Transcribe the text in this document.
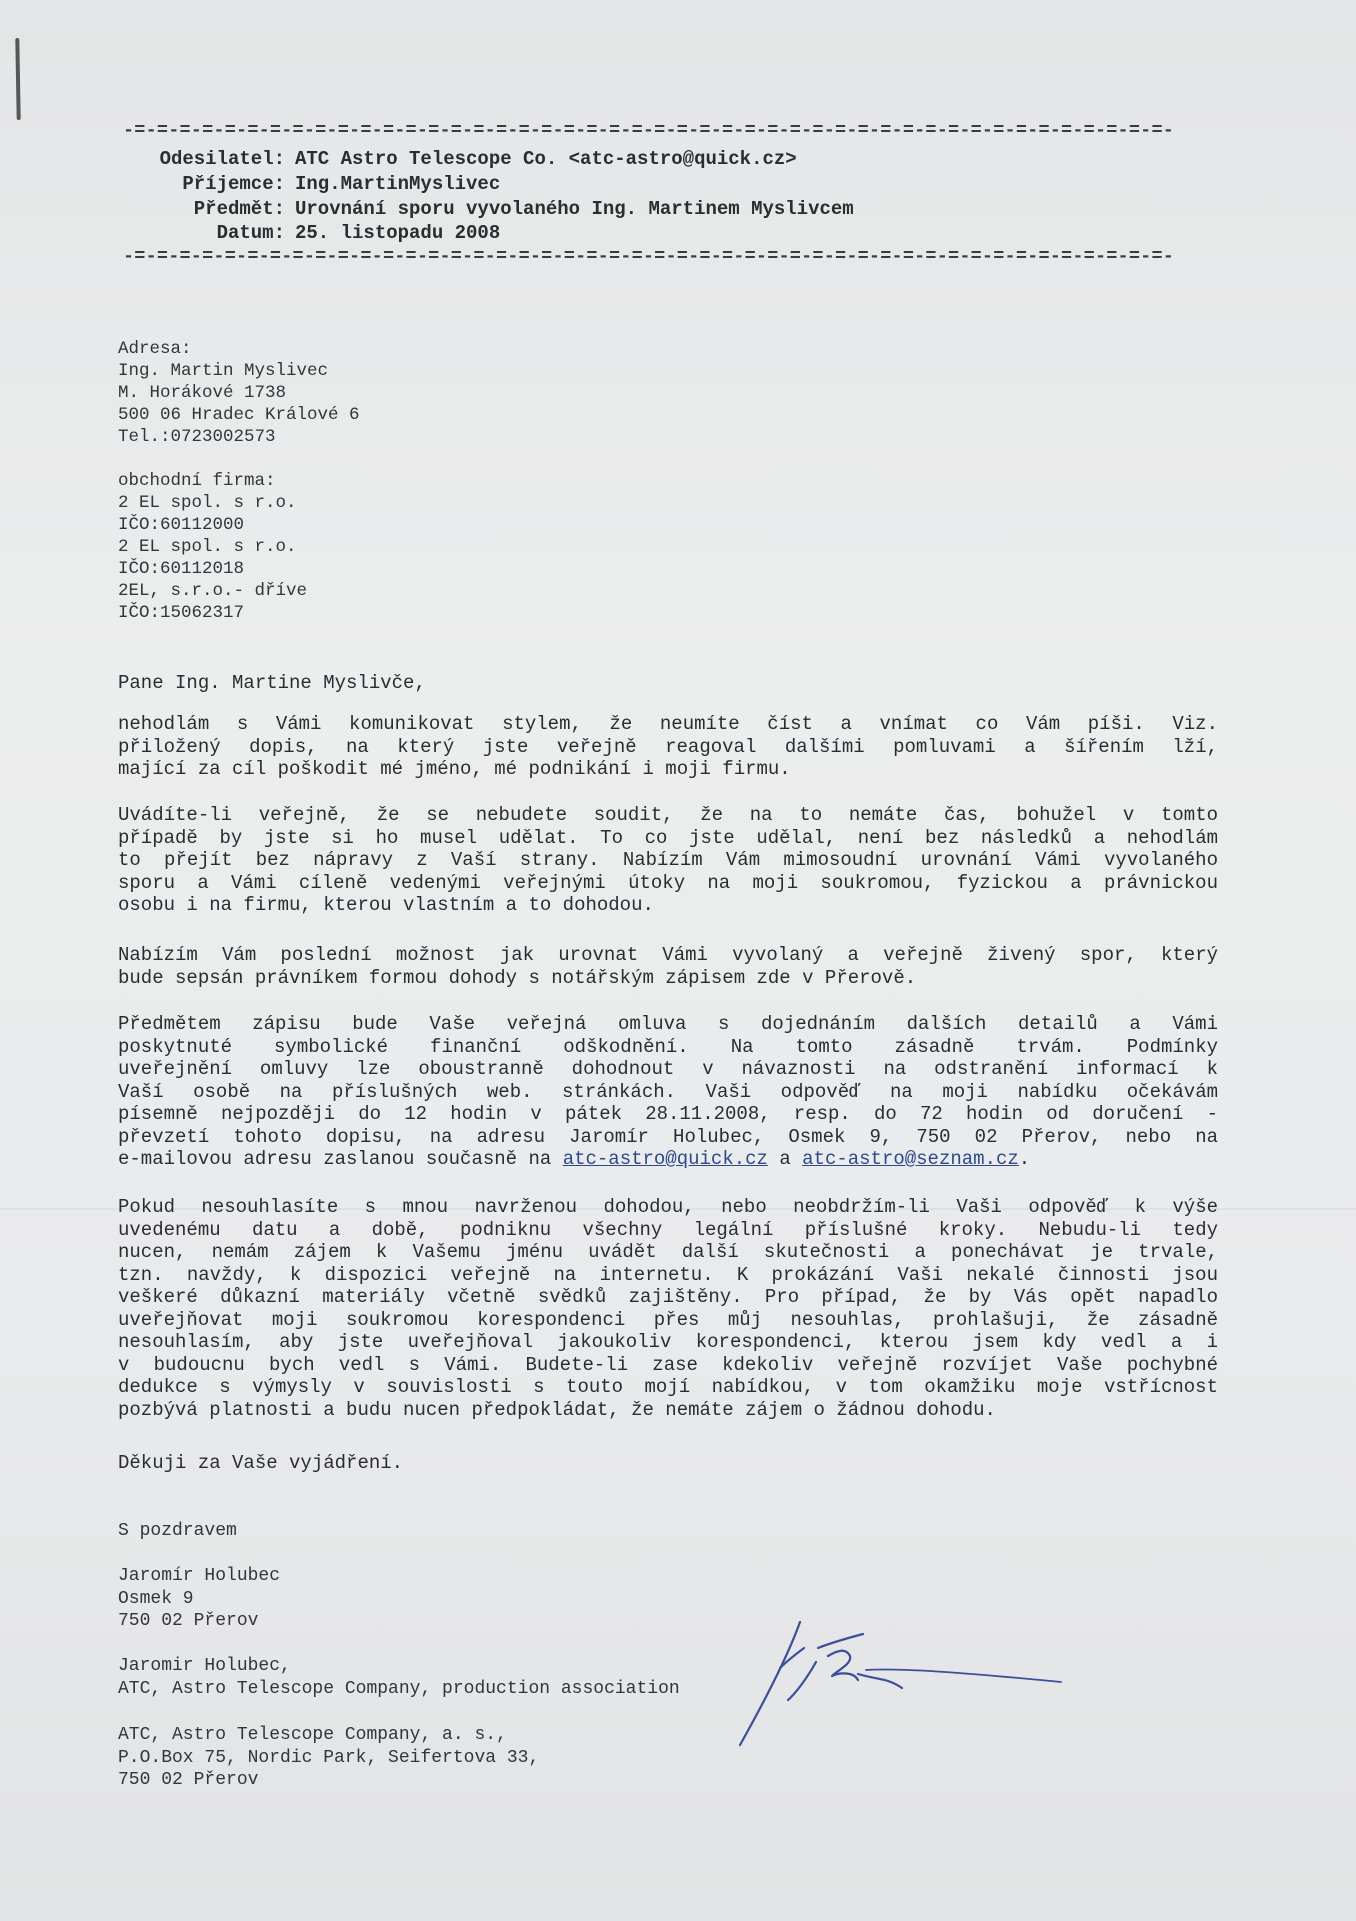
-=-=-=-=-=-=-=-=-=-=-=-=-=-=-=-=-=-=-=-=-=-=-=-=-=-=-=-=-=-=-=-=-=-=-=-=-=-=-=-=-=-=-=-=-=-=-
Odesilatel: ATC Astro Telescope Co. <atc-astro@quick.cz>
Příjemce: Ing.MartinMyslivec
Předmět: Urovnání sporu vyvolaného Ing. Martinem Myslivcem
Datum: 25. listopadu 2008
-=-=-=-=-=-=-=-=-=-=-=-=-=-=-=-=-=-=-=-=-=-=-=-=-=-=-=-=-=-=-=-=-=-=-=-=-=-=-=-=-=-=-=-=-=-=-
Adresa:
Ing. Martin Myslivec
M. Horákové 1738
500 06 Hradec Králové 6
Tel.:0723002573
obchodní firma:
2 EL spol. s r.o.
IČO:60112000
2 EL spol. s r.o.
IČO:60112018
2EL, s.r.o.- dříve
IČO:15062317
Pane Ing. Martine Myslivče,
nehodlám s Vámi komunikovat stylem, že neumíte číst a vnímat co Vám píši. Viz.
přiložený dopis, na který jste veřejně reagoval dalšími pomluvami a šířením lží,
mající za cíl poškodit mé jméno, mé podnikání i moji firmu.
Uvádíte-li veřejně, že se nebudete soudit, že na to nemáte čas, bohužel v tomto
případě by jste si ho musel udělat. To co jste udělal, není bez následků a nehodlám
to přejít bez nápravy z Vaší strany. Nabízím Vám mimosoudní urovnání Vámi vyvolaného
sporu a Vámi cíleně vedenými veřejnými útoky na moji soukromou, fyzickou a právnickou
osobu i na firmu, kterou vlastním a to dohodou.
Nabízím Vám poslední možnost jak urovnat Vámi vyvolaný a veřejně živený spor, který
bude sepsán právníkem formou dohody s notářským zápisem zde v Přerově.
Předmětem zápisu bude Vaše veřejná omluva s dojednáním dalších detailů a Vámi
poskytnuté symbolické finanční odškodnění. Na tomto zásadně trvám. Podmínky
uveřejnění omluvy lze oboustranně dohodnout v návaznosti na odstranění informací k
Vaší osobě na příslušných web. stránkách. Vaši odpověď na moji nabídku očekávám
písemně nejpozději do 12 hodin v pátek 28.11.2008, resp. do 72 hodin od doručení -
převzetí tohoto dopisu, na adresu Jaromír Holubec, Osmek 9, 750 02 Přerov, nebo na
e-mailovou adresu zaslanou současně na atc-astro@quick.cz a atc-astro@seznam.cz.
Pokud nesouhlasíte s mnou navrženou dohodou, nebo neobdržím-li Vaši odpověď k výše
uvedenému datu a době, podniknu všechny legální příslušné kroky. Nebudu-li tedy
nucen, nemám zájem k Vašemu jménu uvádět další skutečnosti a ponechávat je trvale,
tzn. navždy, k dispozici veřejně na internetu. K prokázání Vaši nekalé činnosti jsou
veškeré důkazní materiály včetně svědků zajištěny. Pro případ, že by Vás opět napadlo
uveřejňovat moji soukromou korespondenci přes můj nesouhlas, prohlašuji, že zásadně
nesouhlasím, aby jste uveřejňoval jakoukoliv korespondenci, kterou jsem kdy vedl a i
v budoucnu bych vedl s Vámi. Budete-li zase kdekoliv veřejně rozvíjet Vaše pochybné
dedukce s výmysly v souvislosti s touto mojí nabídkou, v tom okamžiku moje vstřícnost
pozbývá platnosti a budu nucen předpokládat, že nemáte zájem o žádnou dohodu.
Děkuji za Vaše vyjádření.
S pozdravem
Jaromír Holubec
Osmek 9
750 02 Přerov
Jaromir Holubec,
ATC, Astro Telescope Company, production association
ATC, Astro Telescope Company, a. s.,
P.O.Box 75, Nordic Park, Seifertova 33,
750 02 Přerov
